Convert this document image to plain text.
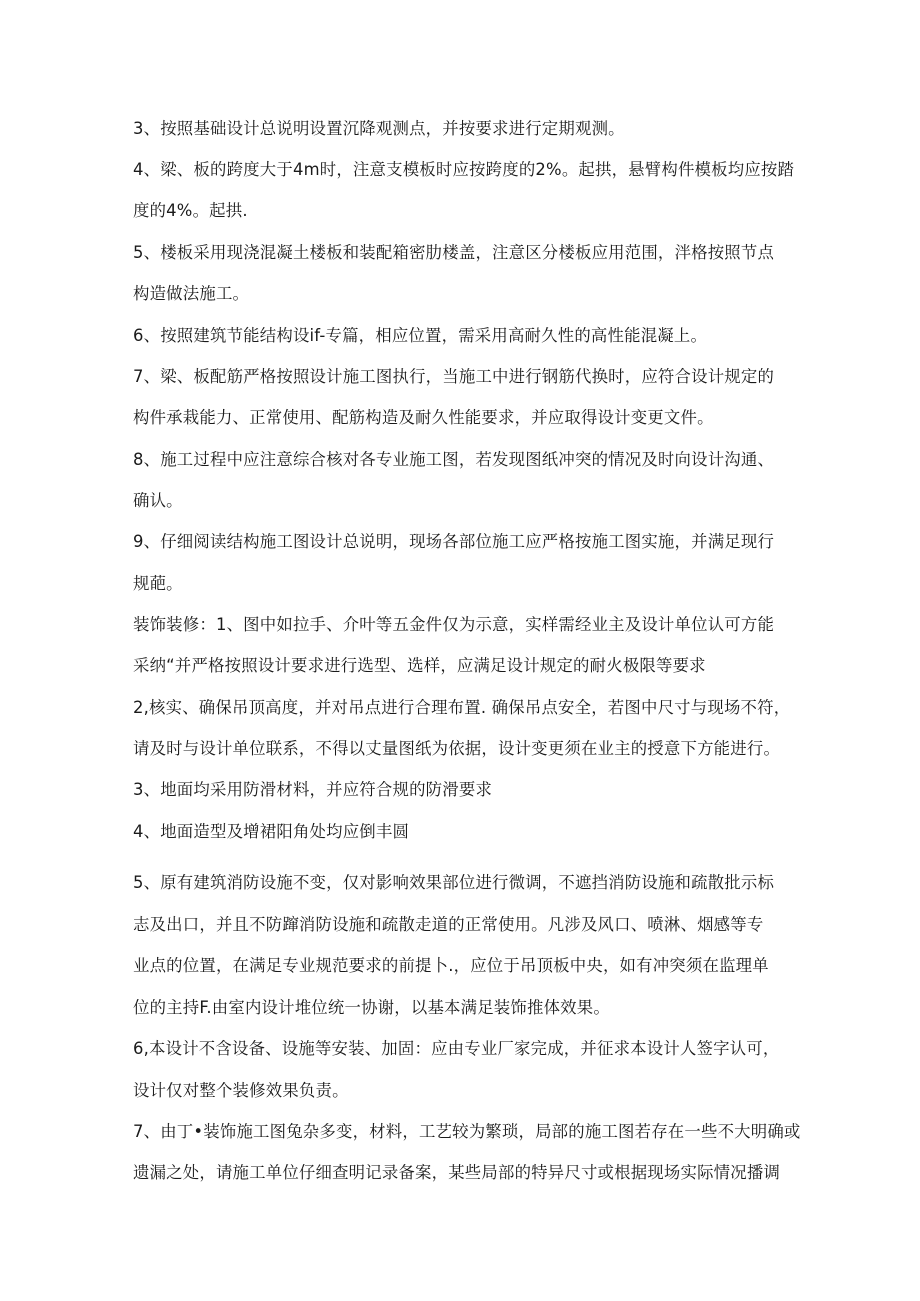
3、按照基础设计总说明设置沉降观测点，并按要求进行定期观测。

4、梁、板的跨度大于4m时，注意支模板时应按跨度的2%。起拱，悬臂构件模板均应按踏

度的4%。起拱.

5、楼板采用现浇混凝土楼板和装配箱密肋楼盖，注意区分楼板应用范围，泮格按照节点

构造做法施工。

6、按照建筑节能结构设if-专篇，相应位置，需采用高耐久性的高性能混凝上。

7、梁、板配筋严格按照设计施工图执行，当施工中进行钢筋代换时，应符合设计规定的

构件承栽能力、正常使用、配筋构造及耐久性能要求，并应取得设计变更文件。

8、施工过程中应注意综合核对各专业施工图，若发现图纸冲突的情况及时向设计沟通、

确认。

9、仔细阅读结构施工图设计总说明，现场各部位施工应严格按施工图实施，并满足现行

规葩。

装饰装修：1、图中如拉手、介叶等五金件仅为示意，实样需经业主及设计单位认可方能

采纳“并严格按照设计要求进行选型、选样，应满足设计规定的耐火极限等要求

2,核实、确保吊顶高度，并对吊点进行合理布置. 确保吊点安全，若图中尺寸与现场不符，

请及时与设计单位联系，不得以丈量图纸为依据，设计变更须在业主的授意下方能进行。

3、地面均采用防滑材料，并应符合规的防滑要求

4、地面造型及增裙阳角处均应倒丰圆

5、原有建筑消防设施不变，仅对影响效果部位进行微调，不遮挡消防设施和疏散批示标

志及出口，并且不防蹿消防设施和疏散走道的正常使用。凡涉及风口、喷淋、烟感等专

业点的位置，在满足专业规范要求的前提卜.，应位于吊顶板中央，如有冲突须在监理单

位的主持F.由室内设计堆位统一协谢，以基本满足装饰推体效果。

6,本设计不含设备、设施等安装、加固：应由专业厂家完成，并征求本设计人签字认可，

设计仅对整个装修效果负责。

7、由丁•装饰施工图兔杂多变，材料，工艺较为繁琐，局部的施工图若存在一些不大明确或

遗漏之处，请施工单位仔细查明记录备案，某些局部的特异尺寸或根据现场实际情况播调
